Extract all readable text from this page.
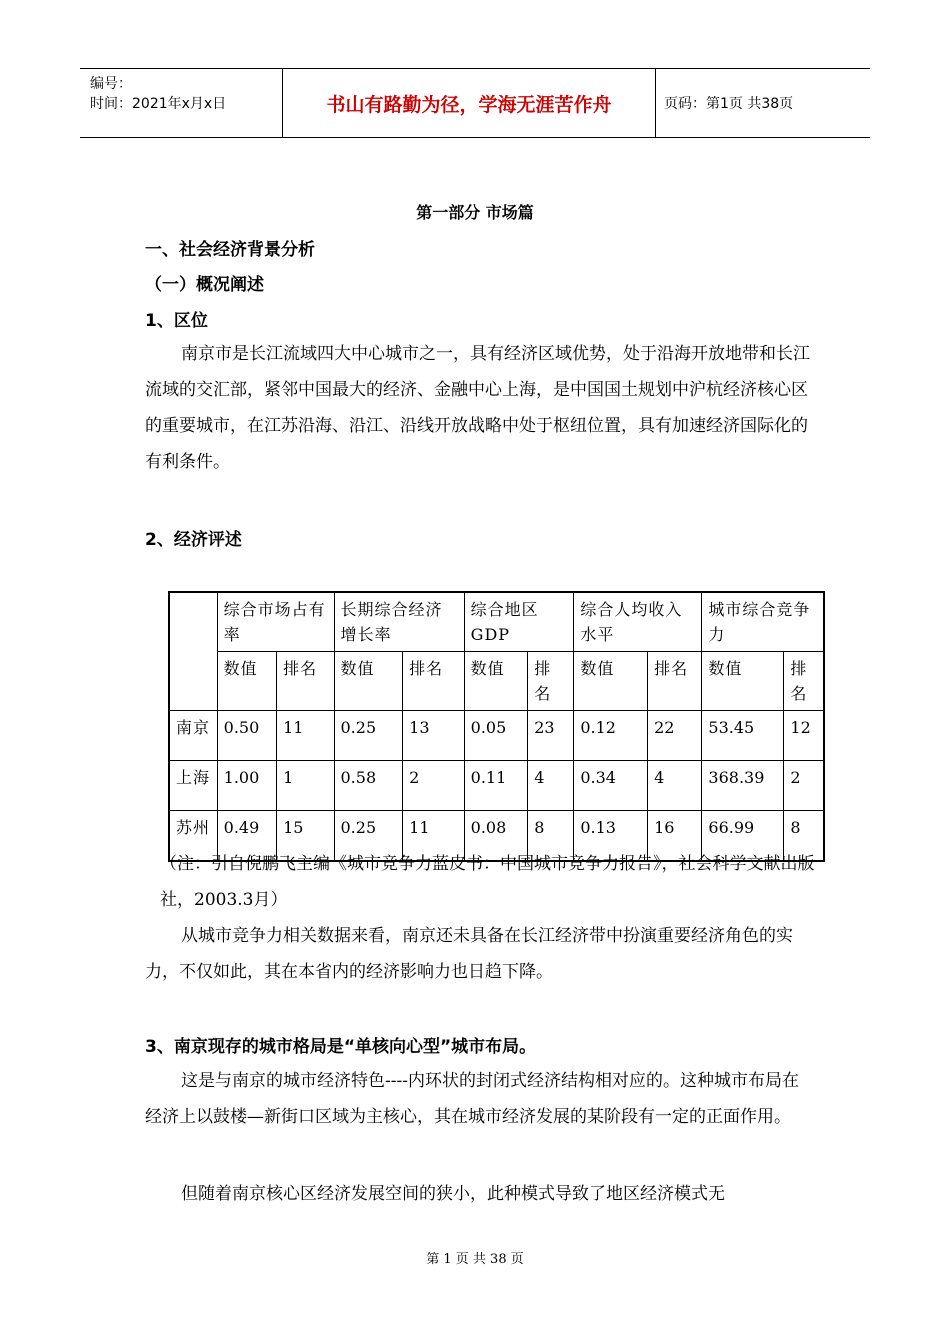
编号：
时间：2021年x月x日	书山有路勤为径，学海无涯苦作舟	页码：第1页 共38页
第一部分 市场篇
一、社会经济背景分析
（一）概况阐述
1、区位
南京市是长江流域四大中心城市之一，具有经济区域优势，处于沿海开放地带和长江流域的交汇部，紧邻中国最大的经济、金融中心上海，是中国国土规划中沪杭经济核心区的重要城市，在江苏沿海、沿江、沿线开放战略中处于枢纽位置，具有加速经济国际化的有利条件。
2、经济评述
	综合市场占有率		长期综合经济增长率		综合地区GDP		综合人均收入水平		城市综合竞争力	
	数值	排名	数值	排名	数值	排名	数值	排名	数值	排名
南京	0.50	11	0.25	13	0.05	23	0.12	22	53.45	12
上海	1.00	1	0.58	2	0.11	4	0.34	4	368.39	2
苏州	0.49	15	0.25	11	0.08	8	0.13	16	66.99	8
（注：引自倪鹏飞主编《城市竞争力蓝皮书：中国城市竞争力报告》，社会科学文献出版社，2003.3月）
从城市竞争力相关数据来看，南京还未具备在长江经济带中扮演重要经济角色的实力，不仅如此，其在本省内的经济影响力也日趋下降。
3、南京现存的城市格局是“单核向心型”城市布局。
这是与南京的城市经济特色----内环状的封闭式经济结构相对应的。这种城市布局在经济上以鼓楼—新街口区域为主核心，其在城市经济发展的某阶段有一定的正面作用。
但随着南京核心区经济发展空间的狭小，此种模式导致了地区经济模式无
第 1 页 共 38 页
